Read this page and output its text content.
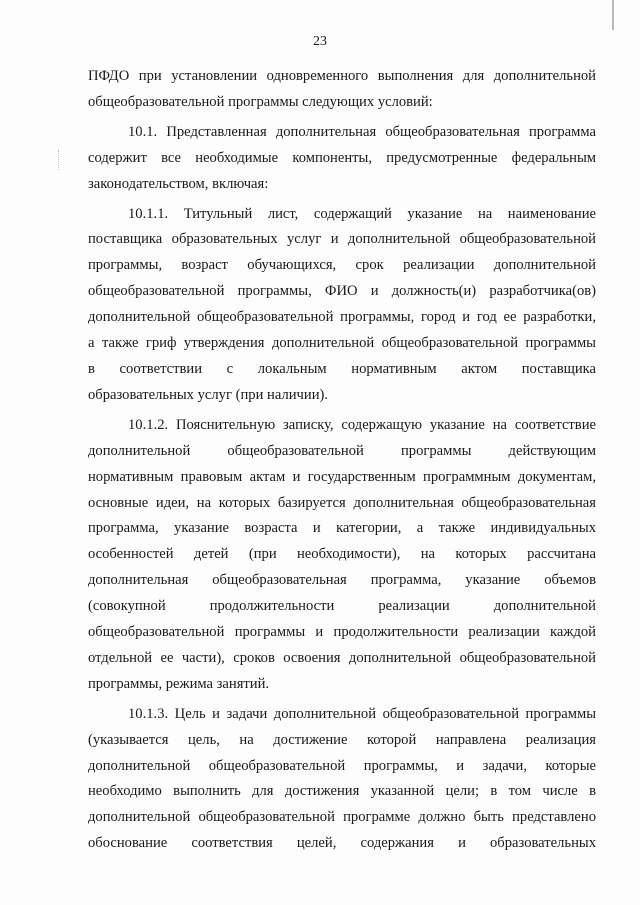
23
ПФДО при установлении одновременного выполнения для дополнительной
общеобразовательной программы следующих условий:
10.1. Представленная дополнительная общеобразовательная программа
содержит все необходимые компоненты, предусмотренные федеральным
законодательством, включая:
10.1.1. Титульный лист, содержащий указание на наименование
поставщика образовательных услуг и дополнительной общеобразовательной
программы, возраст обучающихся, срок реализации дополнительной
общеобразовательной программы, ФИО и должность(и) разработчика(ов)
дополнительной общеобразовательной программы, город и год ее разработки,
а также гриф утверждения дополнительной общеобразовательной программы
в соответствии с локальным нормативным актом поставщика
образовательных услуг (при наличии).
10.1.2. Пояснительную записку, содержащую указание на соответствие
дополнительной общеобразовательной программы действующим
нормативным правовым актам и государственным программным документам,
основные идеи, на которых базируется дополнительная общеобразовательная
программа, указание возраста и категории, а также индивидуальных
особенностей детей (при необходимости), на которых рассчитана
дополнительная общеобразовательная программа, указание объемов
(совокупной продолжительности реализации дополнительной
общеобразовательной программы и продолжительности реализации каждой
отдельной ее части), сроков освоения дополнительной общеобразовательной
программы, режима занятий.
10.1.3. Цель и задачи дополнительной общеобразовательной программы
(указывается цель, на достижение которой направлена реализация
дополнительной общеобразовательной программы, и задачи, которые
необходимо выполнить для достижения указанной цели; в том числе в
дополнительной общеобразовательной программе должно быть представлено
обоснование соответствия целей, содержания и образовательных
